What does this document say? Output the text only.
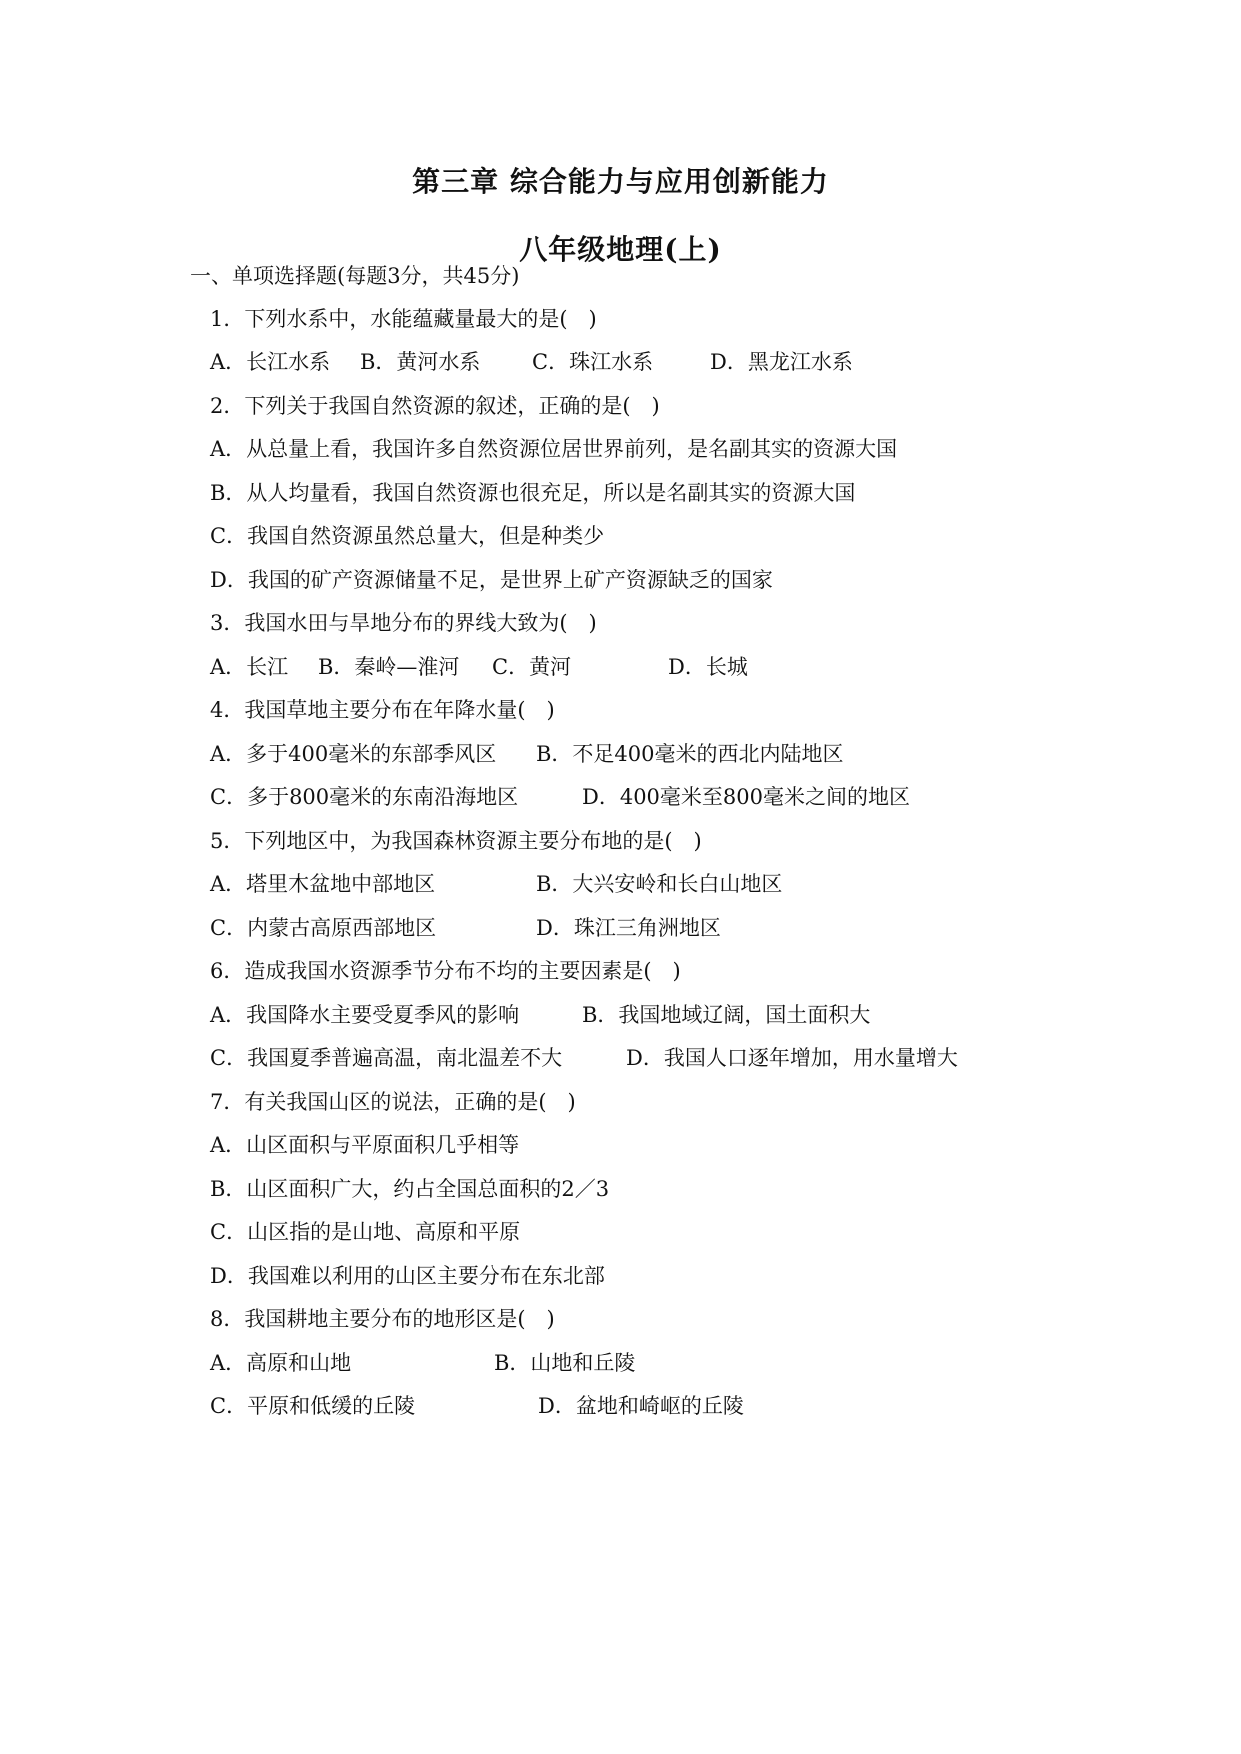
第三章 综合能力与应用创新能力
八年级地理(上)
一、单项选择题(每题3分，共45分)
1．下列水系中，水能蕴藏量最大的是(　)
A．长江水系 B．黄河水系 C．珠江水系	D．黑龙江水系
2．下列关于我国自然资源的叙述，正确的是(　)
A．从总量上看，我国许多自然资源位居世界前列，是名副其实的资源大国
B．从人均量看，我国自然资源也很充足，所以是名副其实的资源大国
C．我国自然资源虽然总量大，但是种类少
D．我国的矿产资源储量不足，是世界上矿产资源缺乏的国家
3．我国水田与旱地分布的界线大致为(　)
A．长江 B．秦岭—淮河 C．黄河	D．长城
4．我国草地主要分布在年降水量(　)
A．多于400毫米的东部季风区 B．不足400毫米的西北内陆地区
C．多于800毫米的东南沿海地区	D．400毫米至800毫米之间的地区
5．下列地区中，为我国森林资源主要分布地的是(　)
A．塔里木盆地中部地区	B．大兴安岭和长白山地区
C．内蒙古高原西部地区	D．珠江三角洲地区
6．造成我国水资源季节分布不均的主要因素是(　)
A．我国降水主要受夏季风的影响	B．我国地域辽阔，国土面积大
C．我国夏季普遍高温，南北温差不大	D．我国人口逐年增加，用水量增大
7．有关我国山区的说法，正确的是(　)
A．山区面积与平原面积几乎相等
B．山区面积广大，约占全国总面积的2／3
C．山区指的是山地、高原和平原
D．我国难以利用的山区主要分布在东北部
8．我国耕地主要分布的地形区是(　)
A．高原和山地	B．山地和丘陵
C．平原和低缓的丘陵	D．盆地和崎岖的丘陵
